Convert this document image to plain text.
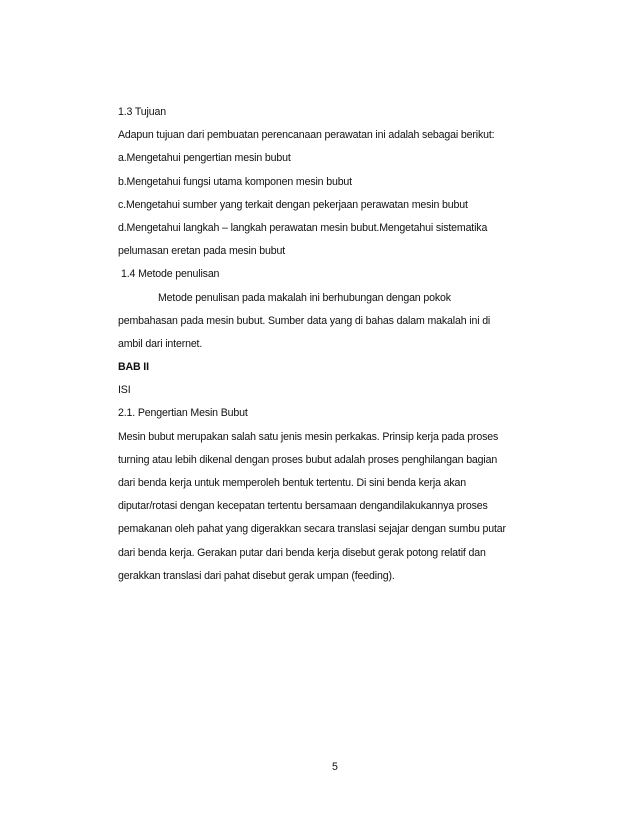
1.3 Tujuan
Adapun tujuan dari pembuatan perencanaan perawatan ini adalah sebagai berikut:
a.Mengetahui pengertian mesin bubut
b.Mengetahui fungsi utama komponen mesin bubut
c.Mengetahui sumber yang terkait dengan pekerjaan perawatan mesin bubut
d.Mengetahui langkah – langkah perawatan mesin bubut.Mengetahui sistematika
pelumasan eretan pada mesin bubut
1.4 Metode penulisan
Metode penulisan pada makalah ini berhubungan dengan pokok
pembahasan pada mesin bubut. Sumber data yang di bahas dalam makalah ini di
ambil dari internet.
BAB II
ISI
2.1. Pengertian Mesin Bubut
Mesin bubut merupakan salah satu jenis mesin perkakas. Prinsip kerja pada proses
turning atau lebih dikenal dengan proses bubut adalah proses penghilangan bagian
dari benda kerja untuk memperoleh bentuk tertentu. Di sini benda kerja akan
diputar/rotasi dengan kecepatan tertentu bersamaan dengandilakukannya proses
pemakanan oleh pahat yang digerakkan secara translasi sejajar dengan sumbu putar
dari benda kerja. Gerakan putar dari benda kerja disebut gerak potong relatif dan
gerakkan translasi dari pahat disebut gerak umpan (feeding).
5
